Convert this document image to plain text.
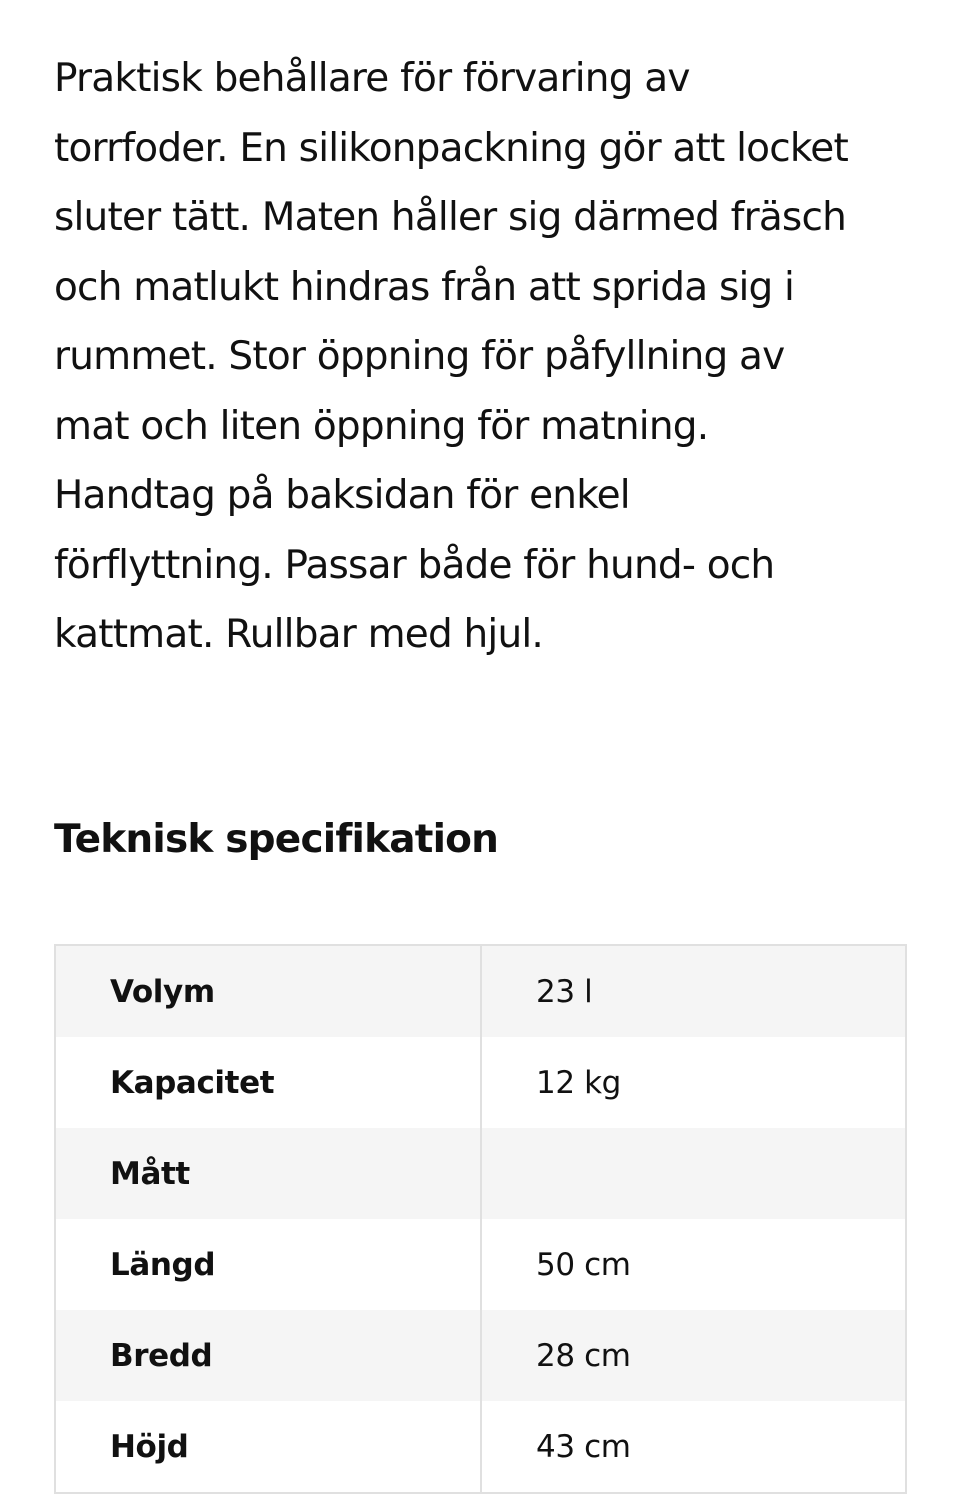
Praktisk behållare för förvaring av
torrfoder. En silikonpackning gör att locket
sluter tätt. Maten håller sig därmed fräsch
och matlukt hindras från att sprida sig i
rummet. Stor öppning för påfyllning av
mat och liten öppning för matning.
Handtag på baksidan för enkel
förflyttning. Passar både för hund- och
kattmat. Rullbar med hjul.

Teknisk specifikation
Volym	23 l
Kapacitet	12 kg
Mått	
Längd	50 cm
Bredd	28 cm
Höjd	43 cm
